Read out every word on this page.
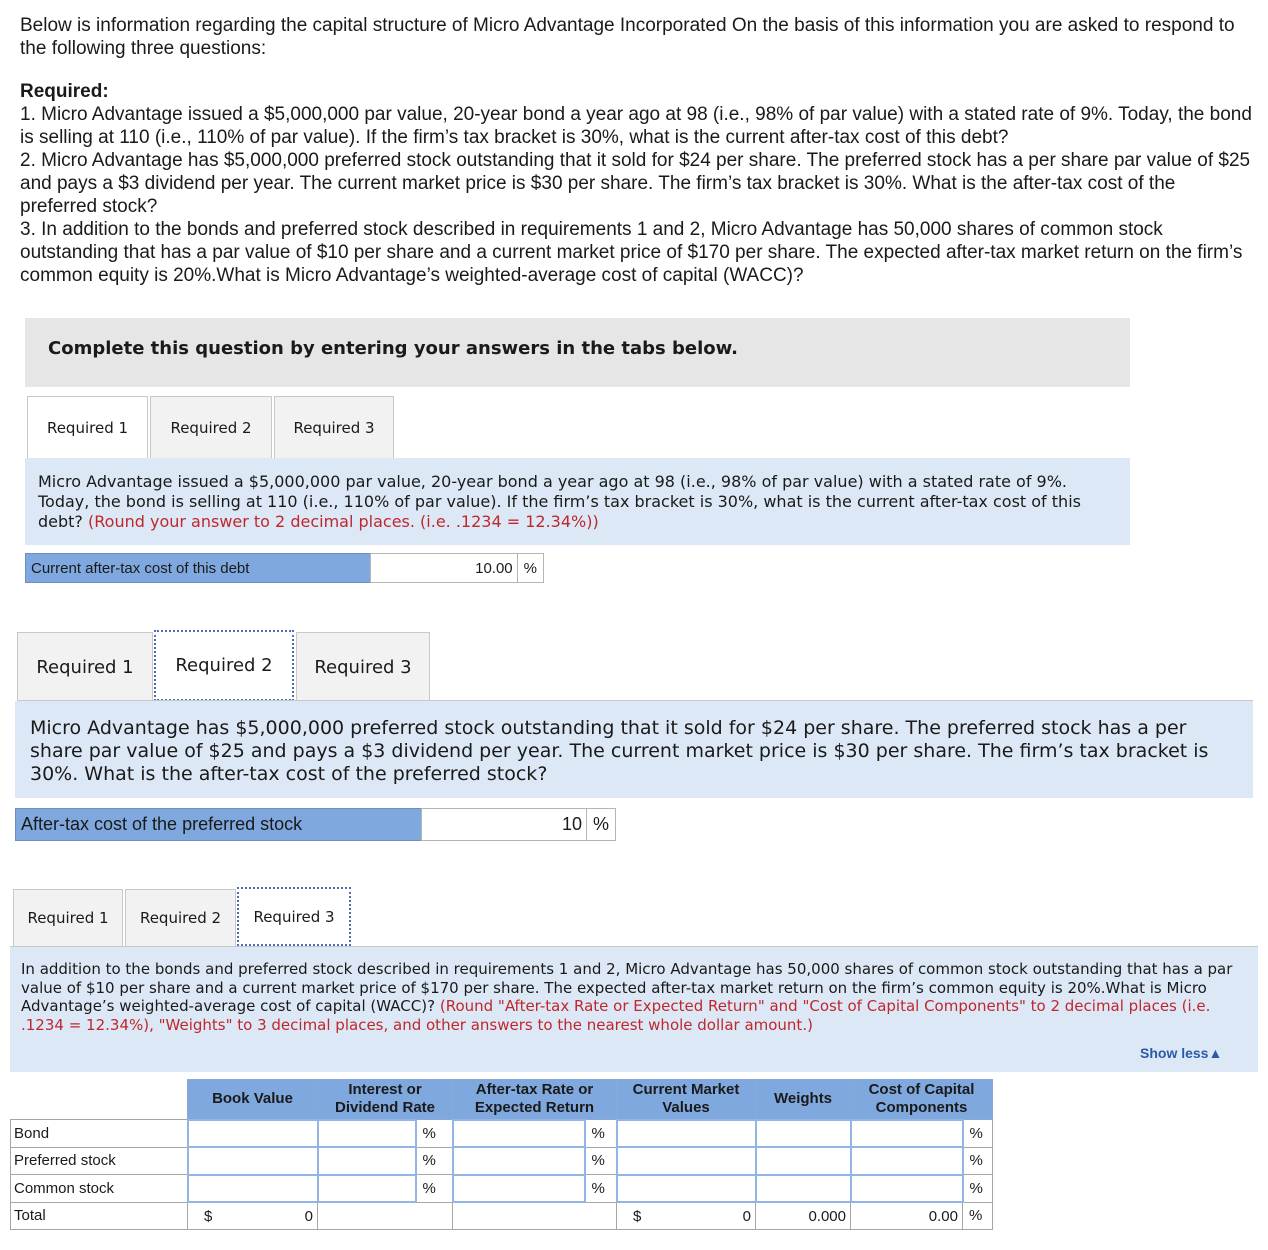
Below is information regarding the capital structure of Micro Advantage Incorporated On the basis of this information you are asked to respond to the following three questions:

Required:

1. Micro Advantage issued a $5,000,000 par value, 20-year bond a year ago at 98 (i.e., 98% of par value) with a stated rate of 9%. Today, the bond is selling at 110 (i.e., 110% of par value). If the firm’s tax bracket is 30%, what is the current after-tax cost of this debt?

2. Micro Advantage has $5,000,000 preferred stock outstanding that it sold for $24 per share. The preferred stock has a per share par value of $25 and pays a $3 dividend per year. The current market price is $30 per share. The firm’s tax bracket is 30%. What is the after-tax cost of the preferred stock?

3. In addition to the bonds and preferred stock described in requirements 1 and 2, Micro Advantage has 50,000 shares of common stock outstanding that has a par value of $10 per share and a current market price of $170 per share. The expected after-tax market return on the firm’s common equity is 20%.What is Micro Advantage’s weighted-average cost of capital (WACC)?

Complete this question by entering your answers in the tabs below.
Required 1	Required 2	Required 3
Micro Advantage issued a $5,000,000 par value, 20-year bond a year ago at 98 (i.e., 98% of par value) with a stated rate of 9%. Today, the bond is selling at 110 (i.e., 110% of par value). If the firm’s tax bracket is 30%, what is the current after-tax cost of this debt? (Round your answer to 2 decimal places. (i.e. .1234 = 12.34%))
Current after-tax cost of this debt	10.00 %
Required 1	Required 2	Required 3
Micro Advantage has $5,000,000 preferred stock outstanding that it sold for $24 per share. The preferred stock has a per share par value of $25 and pays a $3 dividend per year. The current market price is $30 per share. The firm’s tax bracket is 30%. What is the after-tax cost of the preferred stock?
After-tax cost of the preferred stock	10 %
Required 1	Required 2	Required 3
In addition to the bonds and preferred stock described in requirements 1 and 2, Micro Advantage has 50,000 shares of common stock outstanding that has a par value of $10 per share and a current market price of $170 per share. The expected after-tax market return on the firm’s common equity is 20%.What is Micro Advantage’s weighted-average cost of capital (WACC)? (Round "After-tax Rate or Expected Return" and "Cost of Capital Components" to 2 decimal places (i.e. .1234 = 12.34%), "Weights" to 3 decimal places, and other answers to the nearest whole dollar amount.)
Show less▲
	Book Value	Interest or Dividend Rate		After-tax Rate or Expected Return		Current Market Values	Weights	Cost of Capital Components	
Bond			%		%				%
Preferred stock			%		%				%
Common stock			%		%				%
Total	$ 0					$ 0	0.000	0.00	%
